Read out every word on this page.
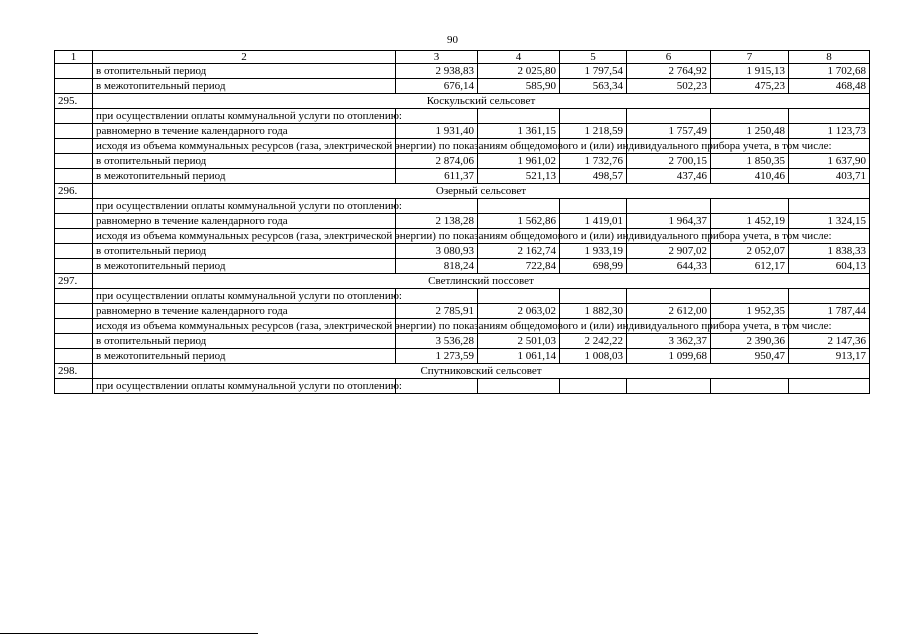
90
1	2	3	4	5	6	7	8
	в отопительный период	2 938,83	2 025,80	1 797,54	2 764,92	1 915,13	1 702,68
	в межотопительный период	676,14	585,90	563,34	502,23	475,23	468,48
295.	Коскульский сельсовет						
	при осуществлении оплаты коммунальной услуги по отоплению:						
	равномерно в течение календарного года	1 931,40	1 361,15	1 218,59	1 757,49	1 250,48	1 123,73
	исходя из объема коммунальных ресурсов (газа, электрической энергии) по показаниям общедомового и (или) индивидуального прибора учета, в том числе:						
	в отопительный период	2 874,06	1 961,02	1 732,76	2 700,15	1 850,35	1 637,90
	в межотопительный период	611,37	521,13	498,57	437,46	410,46	403,71
296.	Озерный сельсовет						
	при осуществлении оплаты коммунальной услуги по отоплению:						
	равномерно в течение календарного года	2 138,28	1 562,86	1 419,01	1 964,37	1 452,19	1 324,15
	исходя из объема коммунальных ресурсов (газа, электрической энергии) по показаниям общедомового и (или) индивидуального прибора учета, в том числе:						
	в отопительный период	3 080,93	2 162,74	1 933,19	2 907,02	2 052,07	1 838,33
	в межотопительный период	818,24	722,84	698,99	644,33	612,17	604,13
297.	Светлинский поссовет						
	при осуществлении оплаты коммунальной услуги по отоплению:						
	равномерно в течение календарного года	2 785,91	2 063,02	1 882,30	2 612,00	1 952,35	1 787,44
	исходя из объема коммунальных ресурсов (газа, электрической энергии) по показаниям общедомового и (или) индивидуального прибора учета, в том числе:						
	в отопительный период	3 536,28	2 501,03	2 242,22	3 362,37	2 390,36	2 147,36
	в межотопительный период	1 273,59	1 061,14	1 008,03	1 099,68	950,47	913,17
298.	Спутниковский сельсовет						
	при осуществлении оплаты коммунальной услуги по отоплению:						
